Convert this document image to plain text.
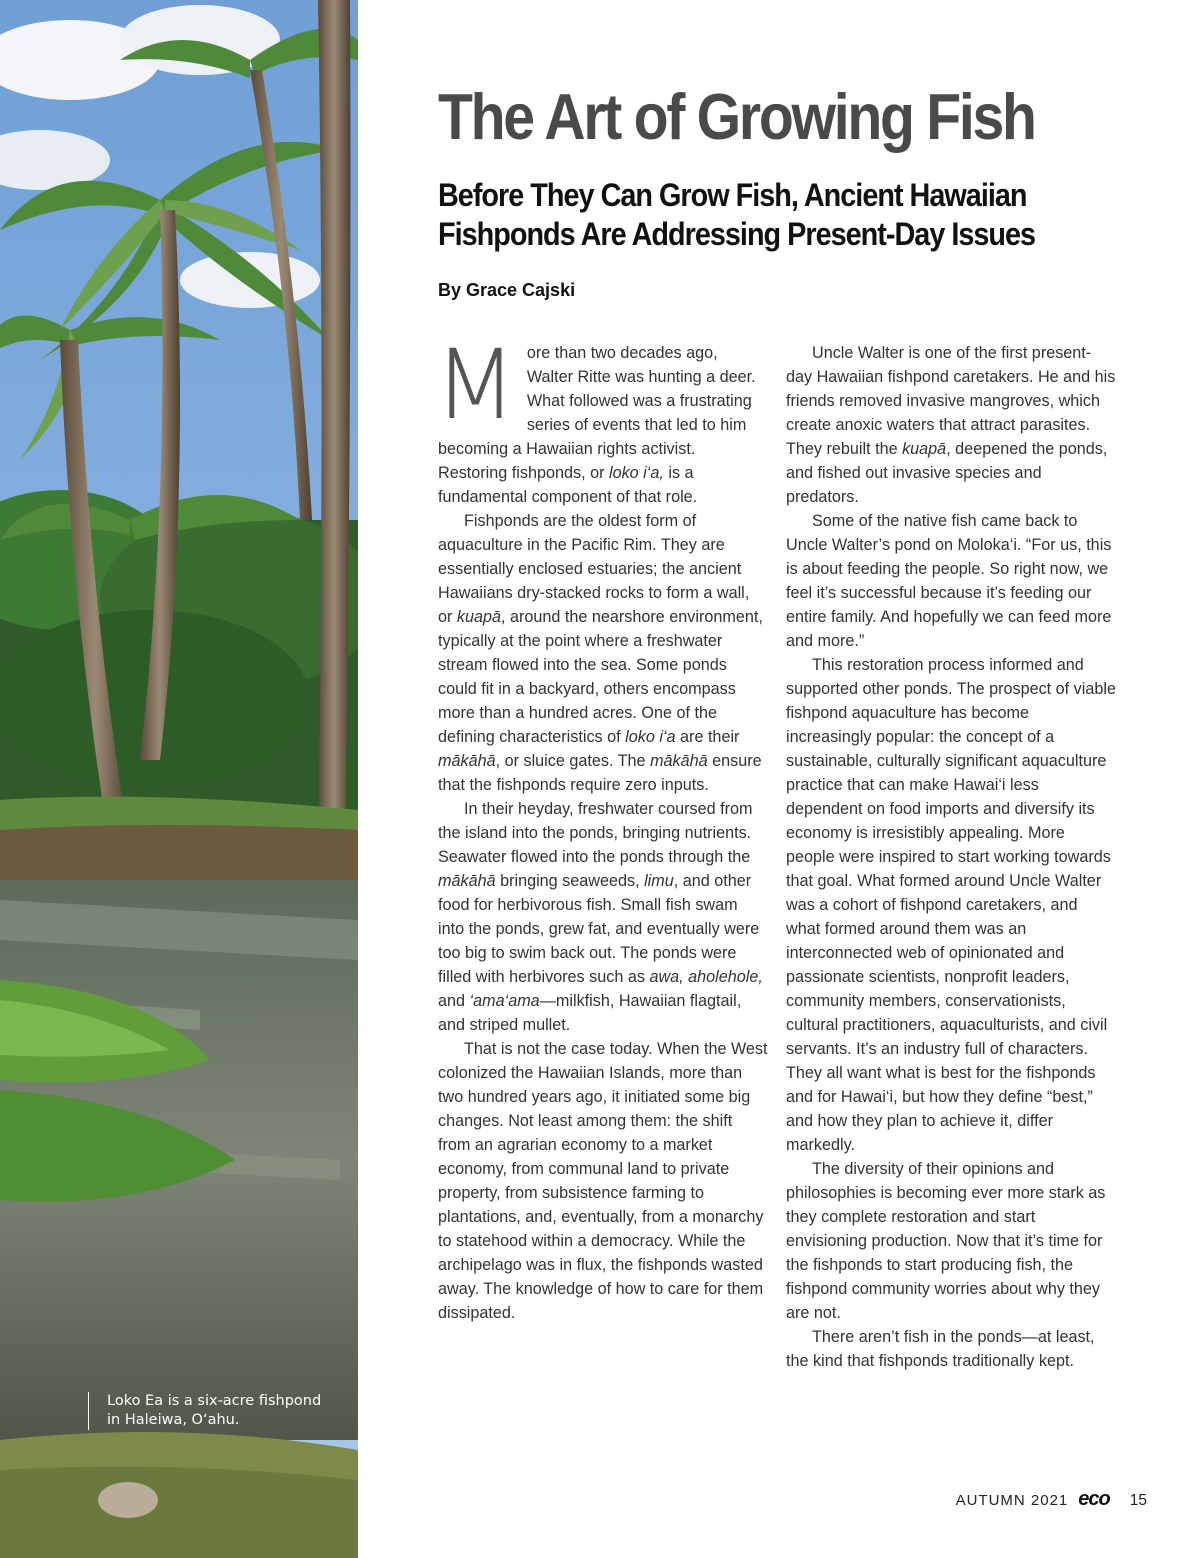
Loko Ea is a six-acre fishpond
in Haleiwa, O‘ahu.
The Art of Growing Fish
Before They Can Grow Fish, Ancient Hawaiian
Fishponds Are Addressing Present-Day Issues
By Grace Cajski

More than two decades ago, Walter Ritte was hunting a deer. What followed was a frustrating series of events that led to him becoming a Hawaiian rights activist. Restoring fishponds, or loko i‘a, is a fundamental component of that role.

Fishponds are the oldest form of aquaculture in the Pacific Rim. They are essentially enclosed estuaries; the ancient Hawaiians dry-stacked rocks to form a wall, or kuapā, around the nearshore environment, typically at the point where a freshwater stream flowed into the sea. Some ponds could fit in a backyard, others encompass more than a hundred acres. One of the defining characteristics of loko i‘a are their mākāhā, or sluice gates. The mākāhā ensure that the fishponds require zero inputs.

In their heyday, freshwater coursed from the island into the ponds, bringing nutrients. Seawater flowed into the ponds through the mākāhā bringing seaweeds, limu, and other food for herbivorous fish. Small fish swam into the ponds, grew fat, and eventually were too big to swim back out. The ponds were filled with herbivores such as awa, aholehole, and ‘ama‘ama—milkfish, Hawaiian flagtail, and striped mullet.

That is not the case today. When the West colonized the Hawaiian Islands, more than two hundred years ago, it initiated some big changes. Not least among them: the shift from an agrarian economy to a market economy, from communal land to private property, from subsistence farming to plantations, and, eventually, from a monarchy to statehood within a democracy. While the archipelago was in flux, the fishponds wasted away. The knowledge of how to care for them dissipated.

Uncle Walter is one of the first present-day Hawaiian fishpond caretakers. He and his friends removed invasive mangroves, which create anoxic waters that attract parasites. They rebuilt the kuapā, deepened the ponds, and fished out invasive species and predators.

Some of the native fish came back to Uncle Walter’s pond on Moloka‘i. “For us, this is about feeding the people. So right now, we feel it’s successful because it’s feeding our entire family. And hopefully we can feed more and more.”

This restoration process informed and supported other ponds. The prospect of viable fishpond aquaculture has become increasingly popular: the concept of a sustainable, culturally significant aquaculture practice that can make Hawai‘i less dependent on food imports and diversify its economy is irresistibly appealing. More people were inspired to start working towards that goal. What formed around Uncle Walter was a cohort of fishpond caretakers, and what formed around them was an interconnected web of opinionated and passionate scientists, nonprofit leaders, community members, conservationists, cultural practitioners, aquaculturists, and civil servants. It’s an industry full of characters. They all want what is best for the fishponds and for Hawai‘i, but how they define “best,” and how they plan to achieve it, differ markedly.

The diversity of their opinions and philosophies is becoming ever more stark as they complete restoration and start envisioning production. Now that it’s time for the fishponds to start producing fish, the fishpond community worries about why they are not.

There aren’t fish in the ponds—at least, the kind that fishponds traditionally kept.

AUTUMN 2021 eco 15
